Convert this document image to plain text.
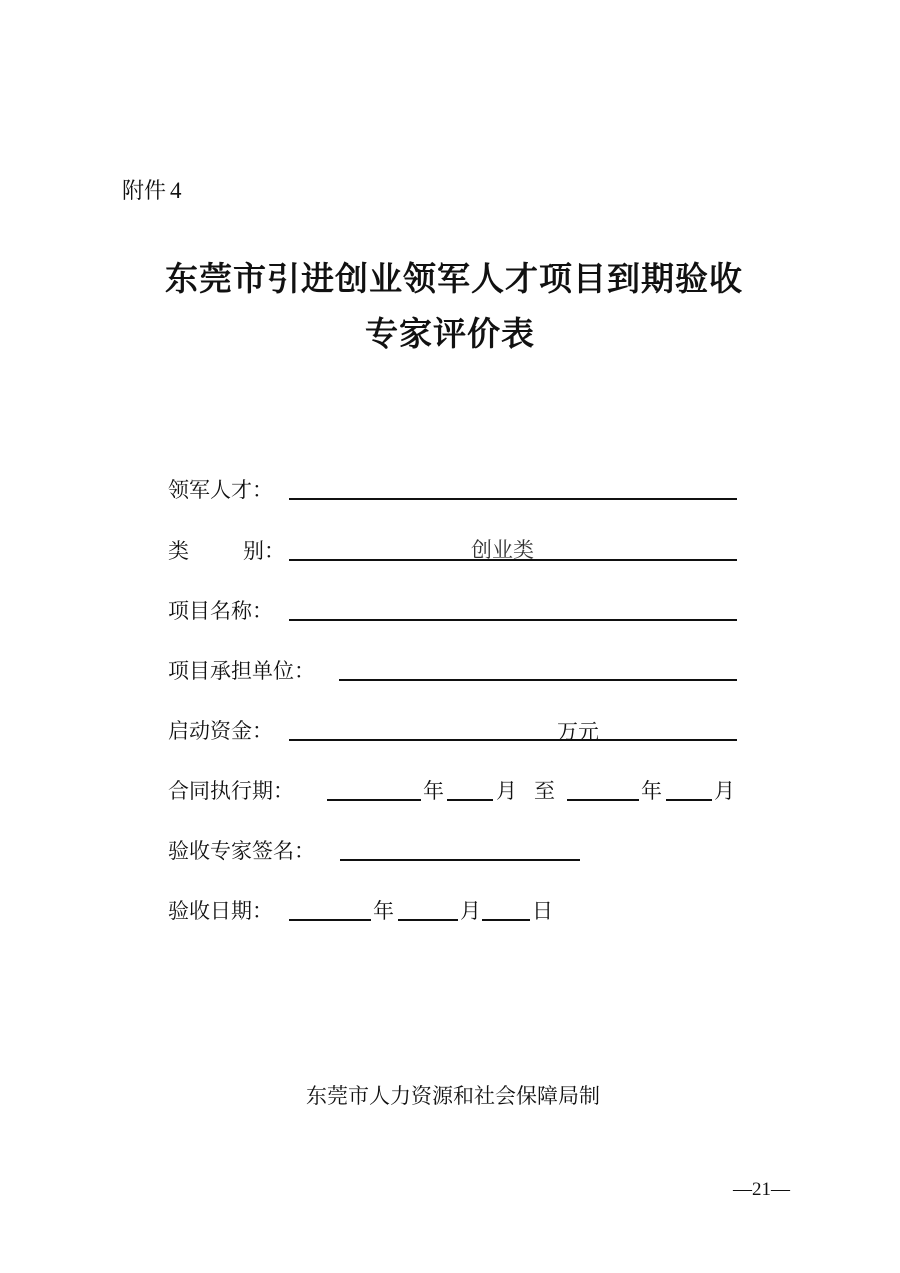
附件 4
东莞市引进创业领军人才项目到期验收
专家评价表
领军人才：
类	别：	创业类
项目名称：
项目承担单位：
启动资金：	万元
合同执行期：	年 月 至	年 月
验收专家签名：
验收日期：	年	月 日
东莞市人力资源和社会保障局制
—21—
